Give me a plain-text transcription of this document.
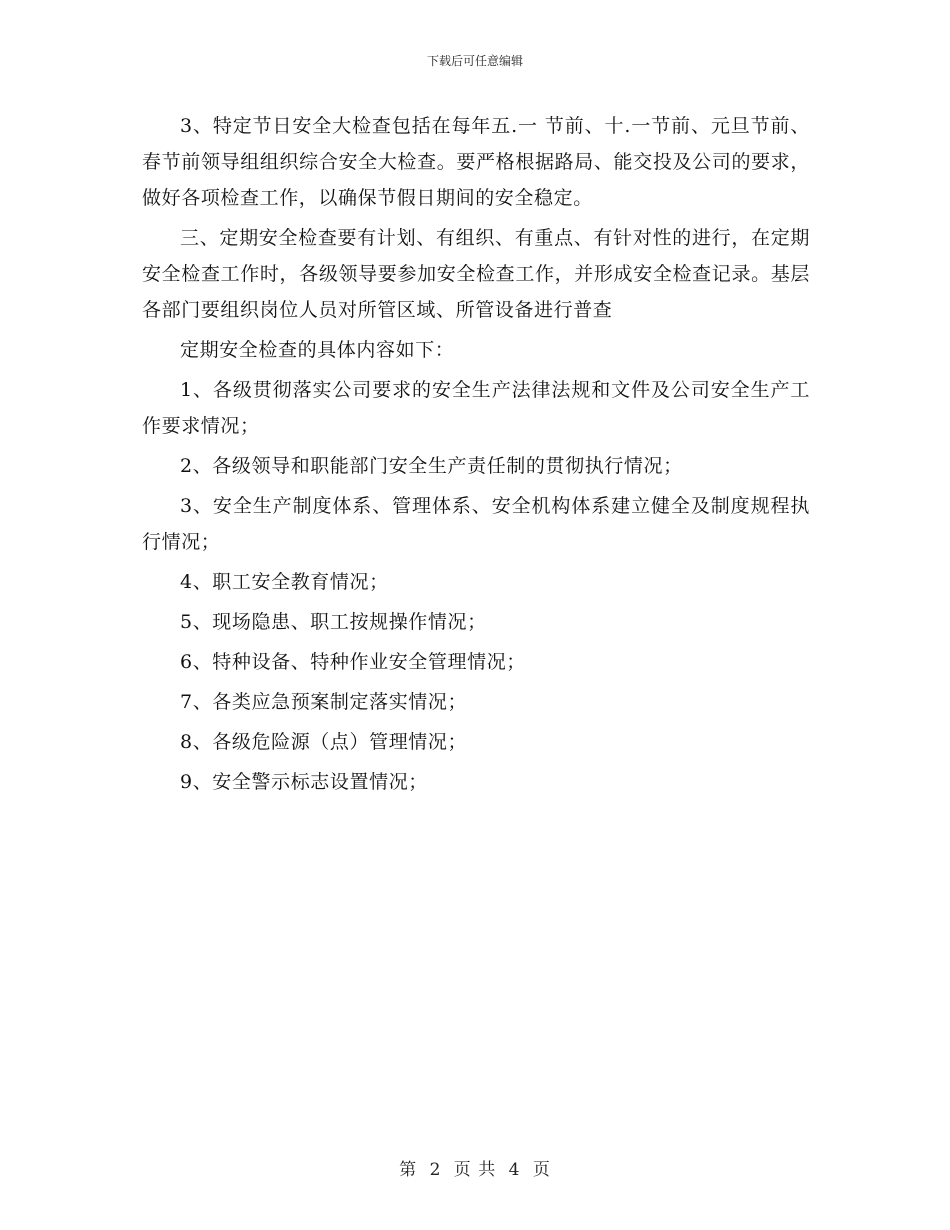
下载后可任意编辑

3、特定节日安全大检查包括在每年五.一 节前、十.一节前、元旦节前、春节前领导组组织综合安全大检查。要严格根据路局、能交投及公司的要求，做好各项检查工作，以确保节假日期间的安全稳定。

三、定期安全检查要有计划、有组织、有重点、有针对性的进行，在定期安全检查工作时，各级领导要参加安全检查工作，并形成安全检查记录。基层各部门要组织岗位人员对所管区域、所管设备进行普查

定期安全检查的具体内容如下：

1、各级贯彻落实公司要求的安全生产法律法规和文件及公司安全生产工作要求情况；

2、各级领导和职能部门安全生产责任制的贯彻执行情况；

3、安全生产制度体系、管理体系、安全机构体系建立健全及制度规程执行情况；

4、职工安全教育情况；

5、现场隐患、职工按规操作情况；

6、特种设备、特种作业安全管理情况；

7、各类应急预案制定落实情况；

8、各级危险源（点）管理情况；

9、安全警示标志设置情况；

第 2 页 共 4 页
